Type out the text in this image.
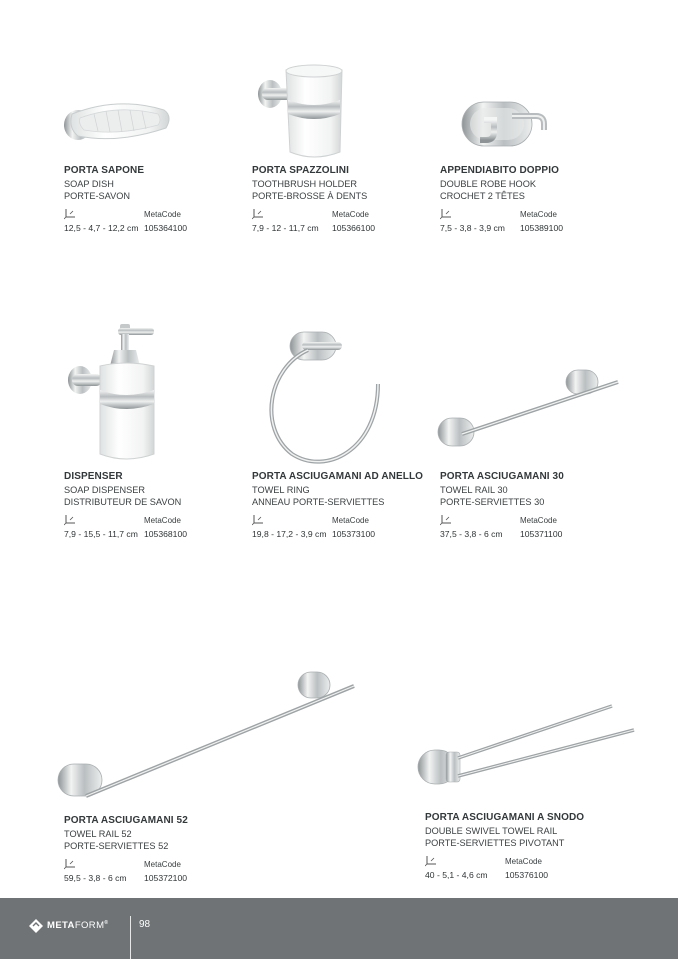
PORTA SAPONE
SOAP DISH
PORTE-SAVON
MetaCode
12,5 - 4,7 - 12,2 cm 105364100
PORTA SPAZZOLINI
TOOTHBRUSH HOLDER
PORTE-BROSSE À DENTS
MetaCode
7,9 - 12 - 11,7 cm 105366100
APPENDIABITO DOPPIO
DOUBLE ROBE HOOK
CROCHET 2 TÊTES
MetaCode
7,5 - 3,8 - 3,9 cm 105389100
DISPENSER
SOAP DISPENSER
DISTRIBUTEUR DE SAVON
MetaCode
7,9 - 15,5 - 11,7 cm 105368100
PORTA ASCIUGAMANI AD ANELLO
TOWEL RING
ANNEAU PORTE-SERVIETTES
MetaCode
19,8 - 17,2 - 3,9 cm 105373100
PORTA ASCIUGAMANI 30
TOWEL RAIL 30
PORTE-SERVIETTES 30
MetaCode
37,5 - 3,8 - 6 cm 105371100
PORTA ASCIUGAMANI 52
TOWEL RAIL 52
PORTE-SERVIETTES 52
MetaCode
59,5 - 3,8 - 6 cm 105372100
PORTA ASCIUGAMANI A SNODO
DOUBLE SWIVEL TOWEL RAIL
PORTE-SERVIETTES PIVOTANT
MetaCode
40 - 5,1 - 4,6 cm 105376100
METAFORM®	98
